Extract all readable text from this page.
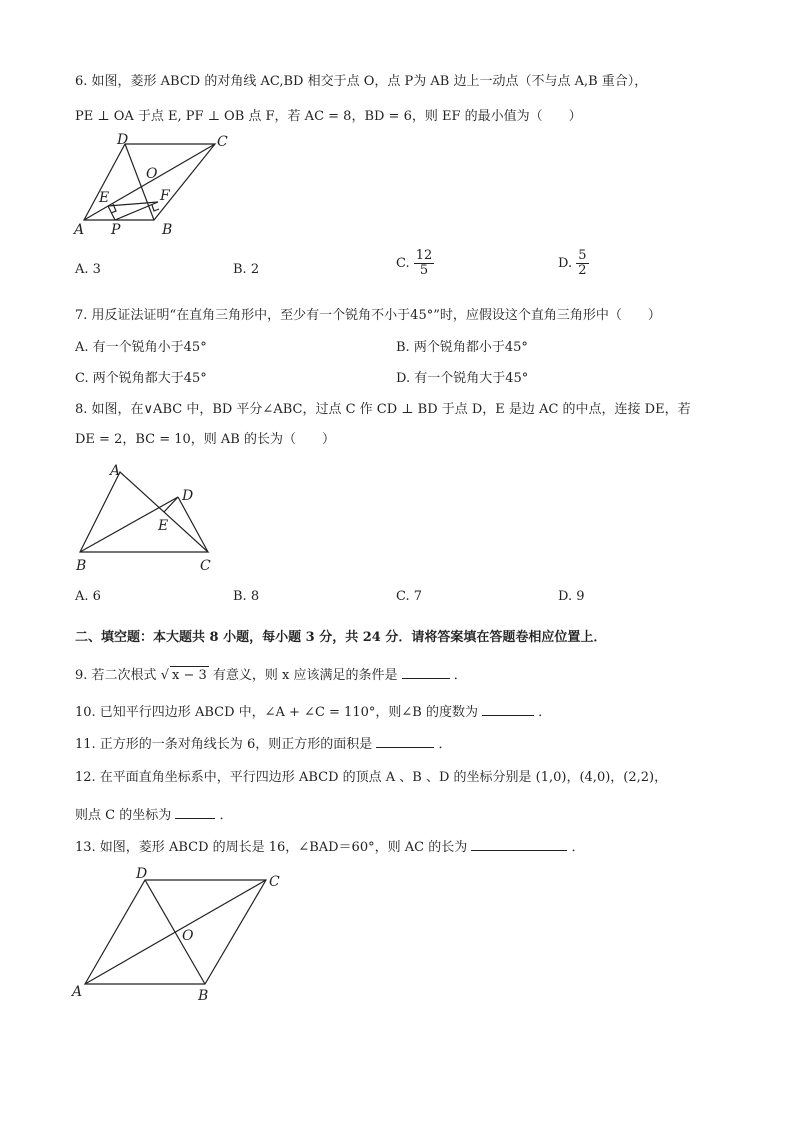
6. 如图，菱形 ABCD 的对角线 AC,BD 相交于点 O，点 P为 AB 边上一动点（不与点 A,B 重合），
PE ⊥ OA 于点 E, PF ⊥ OB 点 F，若 AC = 8，BD = 6，则 EF 的最小值为（　　）
D	C
O
E	F
A P	B
A. 3	B. 2	C. $\frac{12}{5}$	D. $\frac{5}{2}$
7. 用反证法证明“在直角三角形中，至少有一个锐角不小于45°”时，应假设这个直角三角形中（　　）
A. 有一个锐角小于45°	B. 两个锐角都小于45°
C. 两个锐角都大于45°	D. 有一个锐角大于45°
8. 如图，在∨ABC 中，BD 平分∠ABC，过点 C 作 CD ⊥ BD 于点 D，E 是边 AC 的中点，连接 DE，若
DE = 2，BC = 10，则 AB 的长为（　　）
A
D
E
B	C
A. 6	B. 8	C. 7	D. 9
二、填空题：本大题共 8 小题，每小题 3 分，共 24 分．请将答案填在答题卷相应位置上．
9. 若二次根式 √ x − 3 有意义，则 x 应该满足的条件是	．
10. 已知平行四边形 ABCD 中，∠A + ∠C = 110°，则∠B 的度数为	．
11. 正方形的一条对角线长为 6，则正方形的面积是	．
12. 在平面直角坐标系中，平行四边形 ABCD 的顶点 A 、B 、D 的坐标分别是 (1,0)，(4,0)，(2,2)，
则点 C 的坐标为	．
13. 如图，菱形 ABCD 的周长是 16，∠BAD＝60°，则 AC 的长为	．
D	C
O
A	B
